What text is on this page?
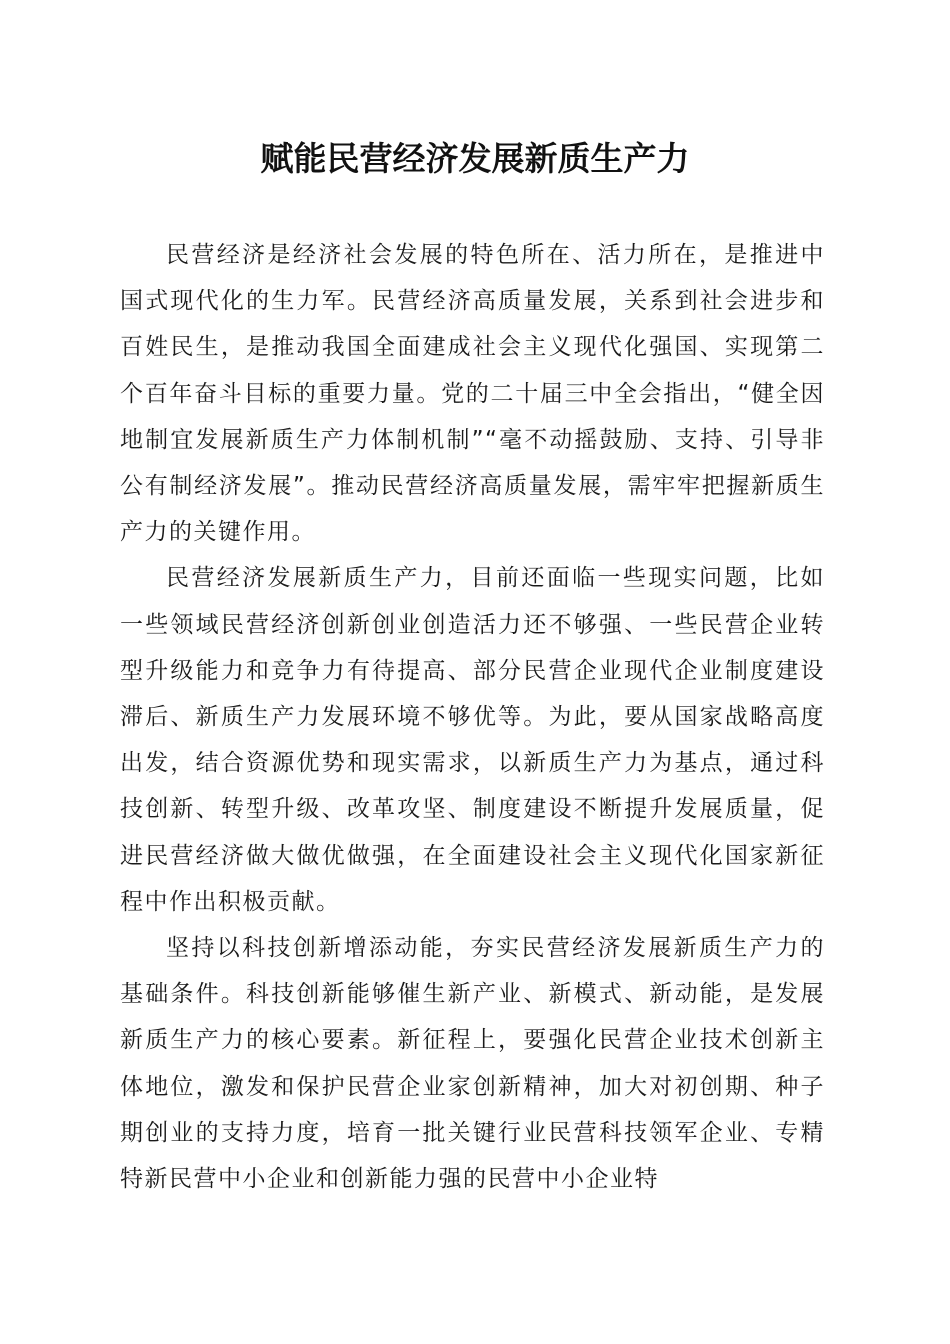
赋能民营经济发展新质生产力

民营经济是经济社会发展的特色所在、活力所在，是推进中国式现代化的生力军。民营经济高质量发展，关系到社会进步和百姓民生，是推动我国全面建成社会主义现代化强国、实现第二个百年奋斗目标的重要力量。党的二十届三中全会指出，“健全因地制宜发展新质生产力体制机制”“毫不动摇鼓励、支持、引导非公有制经济发展”。推动民营经济高质量发展，需牢牢把握新质生产力的关键作用。

民营经济发展新质生产力，目前还面临一些现实问题，比如一些领域民营经济创新创业创造活力还不够强、一些民营企业转型升级能力和竞争力有待提高、部分民营企业现代企业制度建设滞后、新质生产力发展环境不够优等。为此，要从国家战略高度出发，结合资源优势和现实需求，以新质生产力为基点，通过科技创新、转型升级、改革攻坚、制度建设不断提升发展质量，促进民营经济做大做优做强，在全面建设社会主义现代化国家新征程中作出积极贡献。

坚持以科技创新增添动能，夯实民营经济发展新质生产力的基础条件。科技创新能够催生新产业、新模式、新动能，是发展新质生产力的核心要素。新征程上，要强化民营企业技术创新主体地位，激发和保护民营企业家创新精神，加大对初创期、种子期创业的支持力度，培育一批关键行业民营科技领军企业、专精特新民营中小企业和创新能力强的民营中小企业特
